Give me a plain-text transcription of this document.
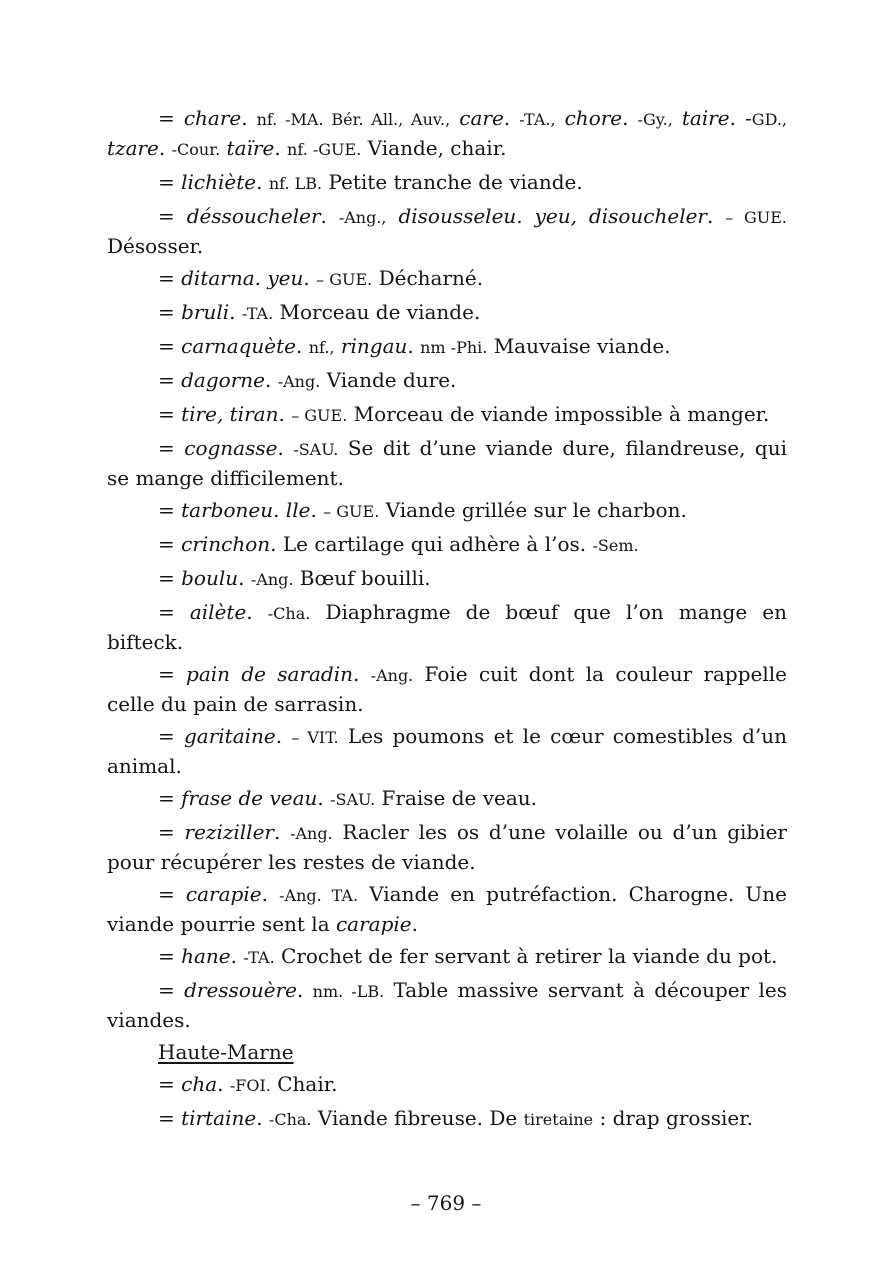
= chare. nf. -MA. Bér. All., Auv., care. -TA., chore. -Gy., taire. -GD., tzare. -Cour. taïre. nf. -GUE. Viande, chair.

= lichiète. nf. LB. Petite tranche de viande.

= déssoucheler. -Ang., disousseleu. yeu, disoucheler. – GUE. Désosser.

= ditarna. yeu. – GUE. Décharné.

= bruli. -TA. Morceau de viande.

= carnaquète. nf., ringau. nm -Phi. Mauvaise viande.

= dagorne. -Ang. Viande dure.

= tire, tiran. – GUE. Morceau de viande impossible à manger.

= cognasse. -SAU. Se dit d’une viande dure, filandreuse, qui se mange difficilement.

= tarboneu. lle. – GUE. Viande grillée sur le charbon.

= crinchon. Le cartilage qui adhère à l’os. -Sem.

= boulu. -Ang. Bœuf bouilli.

= ailète. -Cha. Diaphragme de bœuf que l’on mange en bifteck.

= pain de saradin. -Ang. Foie cuit dont la couleur rappelle celle du pain de sarrasin.

= garitaine. – VIT. Les poumons et le cœur comestibles d’un animal.

= frase de veau. -SAU. Fraise de veau.

= reziziller. -Ang. Racler les os d’une volaille ou d’un gibier pour récupérer les restes de viande.

= carapie. -Ang. TA. Viande en putréfaction. Charogne. Une viande pourrie sent la carapie.

= hane. -TA. Crochet de fer servant à retirer la viande du pot.

= dressouère. nm. -LB. Table massive servant à découper les viandes.

Haute-Marne

= cha. -FOI. Chair.

= tirtaine. -Cha. Viande fibreuse. De tiretaine : drap grossier.

– 769 –
